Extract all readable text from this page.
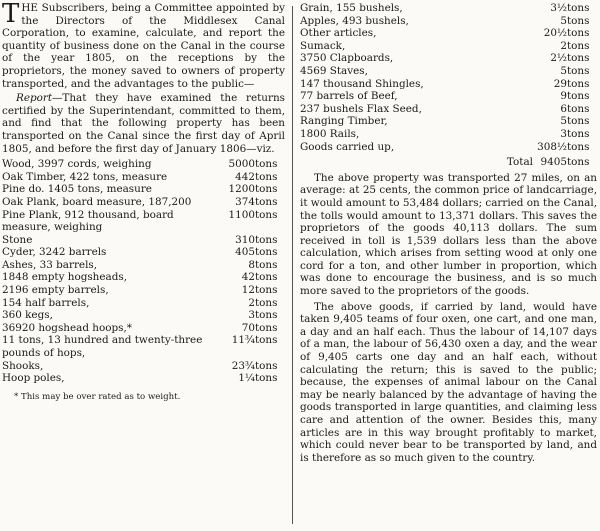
THE Subscribers, being a Committee appointed by the Directors of the Middlesex Canal Corporation, to examine, calculate, and report the quantity of business done on the Canal in the course of the year 1805, on the receptions by the proprietors, the money saved to owners of property transported, and the advantages to the public—

Report—That they have examined the returns certified by the Superintendant, committed to them, and find that the following property has been transported on the Canal since the first day of April 1805, and before the first day of January 1806—viz.

Wood, 3997 cords, weighing	5000	tons
Oak Timber, 422 tons, measure	442	tons
Pine do. 1405 tons, measure	1200	tons
Oak Plank, board measure, 187,200	374	tons
Pine Plank, 912 thousand, board measure, weighing	1100	tons
Stone	310	tons
Cyder, 3242 barrels	405	tons
Ashes, 33 barrels,	8	tons
1848 empty hogsheads,	42	tons
2196 empty barrels,	12	tons
154 half barrels,	2	tons
360 kegs,	3	tons
36920 hogshead hoops,*	70	tons
11 tons, 13 hundred and twenty-three pounds of hops,	11¾	tons
Shooks,	23¾	tons
Hoop poles,	1¼	tons
* This may be over rated as to weight.
Grain, 155 bushels,	3½	tons
Apples, 493 bushels,	5	tons
Other articles,	20½	tons
Sumack,	2	tons
3750 Clapboards,	2½	tons
4569 Staves,	5	tons
147 thousand Shingles,	29	tons
77 barrels of Beef,	9	tons
237 bushels Flax Seed,	6	tons
Ranging Timber,	5	tons
1800 Rails,	3	tons
Goods carried up,	308½	tons
Total	9405	tons

The above property was transported 27 miles, on an average: at 25 cents, the common price of landcarriage, it would amount to 53,484 dollars; carried on the Canal, the tolls would amount to 13,371 dollars. This saves the proprietors of the goods 40,113 dollars. The sum received in toll is 1,539 dollars less than the above calculation, which arises from setting wood at only one cord for a ton, and other lumber in proportion, which was done to encourage the business, and is so much more saved to the proprietors of the goods.

The above goods, if carried by land, would have taken 9,405 teams of four oxen, one cart, and one man, a day and an half each. Thus the labour of 14,107 days of a man, the labour of 56,430 oxen a day, and the wear of 9,405 carts one day and an half each, without calculating the return; this is saved to the public; because, the expenses of animal labour on the Canal may be nearly balanced by the advantage of having the goods transported in large quantities, and claiming less care and attention of the owner. Besides this, many articles are in this way brought profitably to market, which could never bear to be transported by land, and is therefore as so much given to the country.
